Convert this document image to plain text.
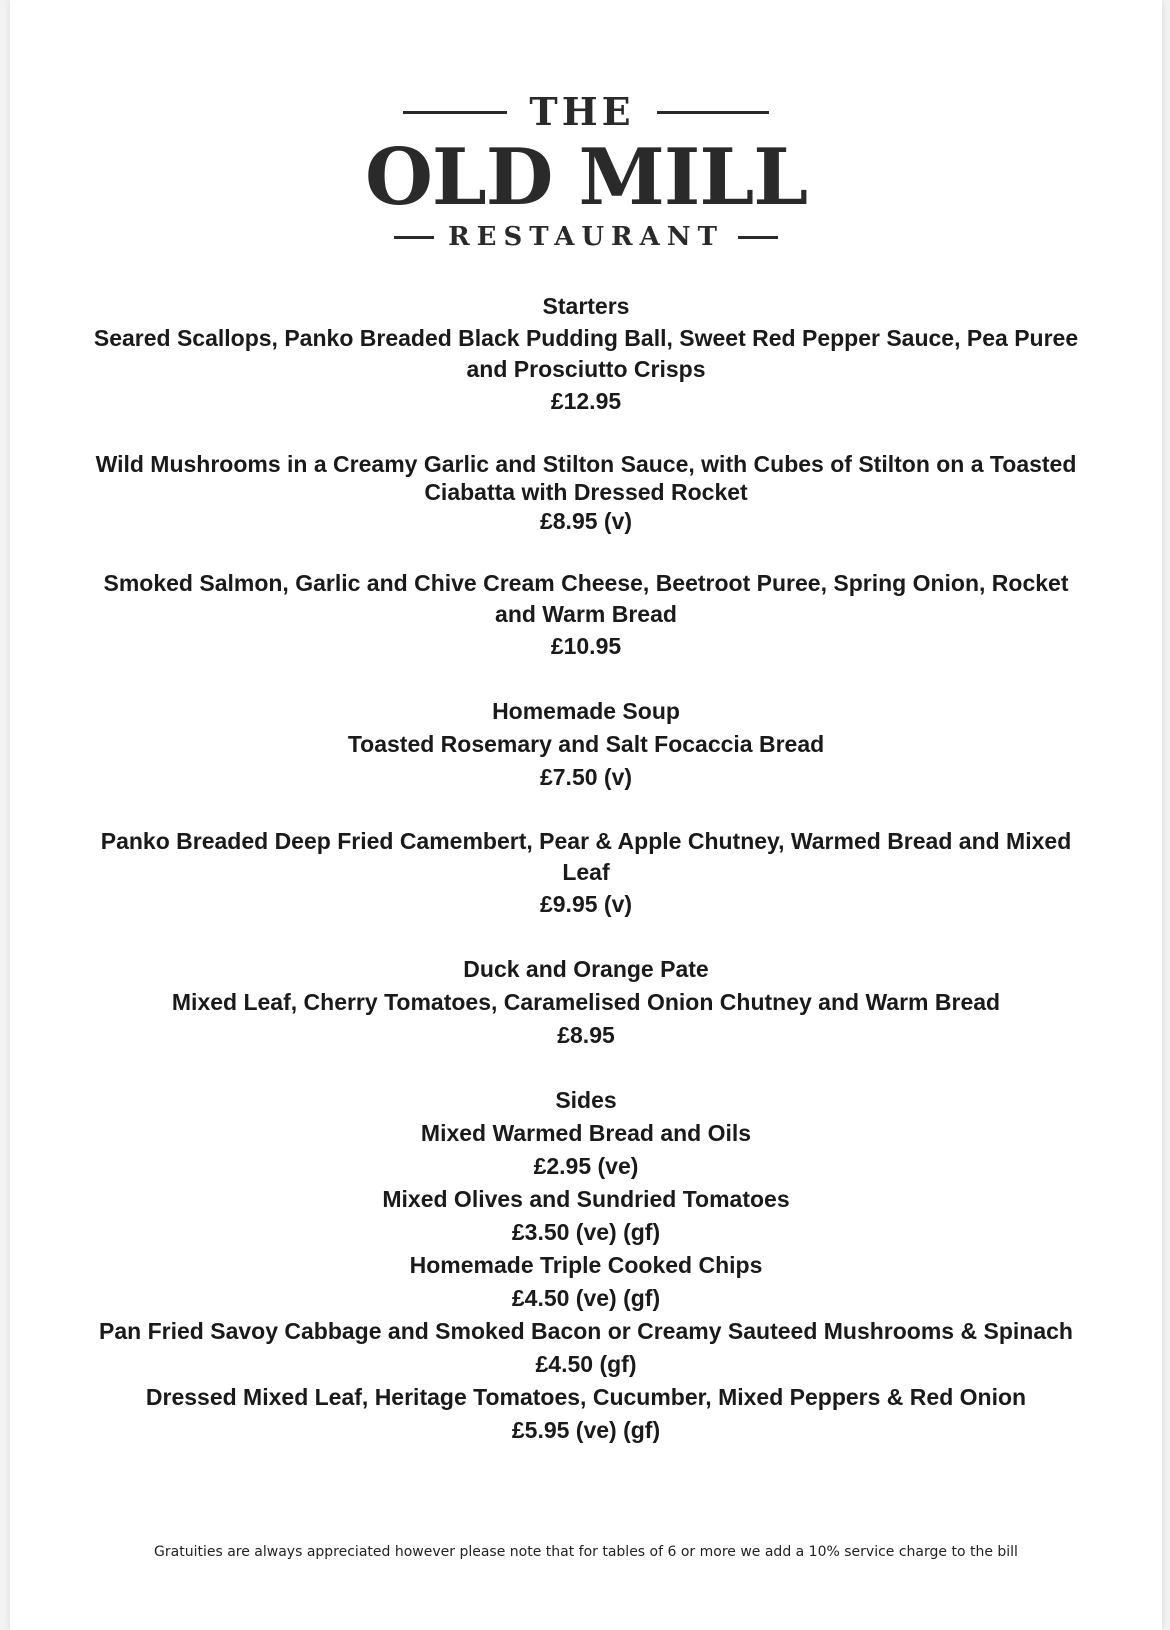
THE
OLD MILL
RESTAURANT
Starters
Seared Scallops, Panko Breaded Black Pudding Ball, Sweet Red Pepper Sauce, Pea Puree and Prosciutto Crisps
£12.95
Wild Mushrooms in a Creamy Garlic and Stilton Sauce, with Cubes of Stilton on a Toasted Ciabatta with Dressed Rocket
£8.95 (v)
Smoked Salmon, Garlic and Chive Cream Cheese, Beetroot Puree, Spring Onion, Rocket and Warm Bread
£10.95
Homemade Soup
Toasted Rosemary and Salt Focaccia Bread
£7.50 (v)
Panko Breaded Deep Fried Camembert, Pear & Apple Chutney, Warmed Bread and Mixed Leaf
£9.95 (v)
Duck and Orange Pate
Mixed Leaf, Cherry Tomatoes, Caramelised Onion Chutney and Warm Bread
£8.95
Sides
Mixed Warmed Bread and Oils
£2.95 (ve)
Mixed Olives and Sundried Tomatoes
£3.50 (ve) (gf)
Homemade Triple Cooked Chips
£4.50 (ve) (gf)
Pan Fried Savoy Cabbage and Smoked Bacon or Creamy Sauteed Mushrooms & Spinach £4.50 (gf)
Dressed Mixed Leaf, Heritage Tomatoes, Cucumber, Mixed Peppers & Red Onion
£5.95 (ve) (gf)
Gratuities are always appreciated however please note that for tables of 6 or more we add a 10% service charge to the bill
